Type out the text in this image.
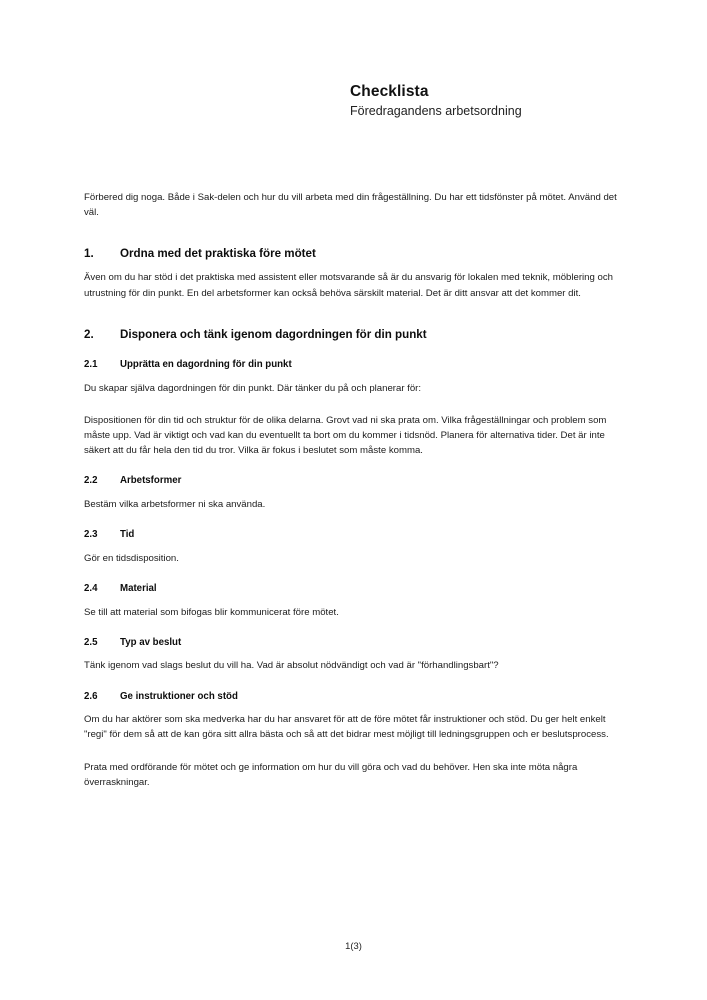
Checklista
Föredragandens arbetsordning

Förbered dig noga. Både i Sak-delen och hur du vill arbeta med din frågeställning. Du har ett tidsfönster på mötet. Använd det väl.

1.	Ordna med det praktiska före mötet

Även om du har stöd i det praktiska med assistent eller motsvarande så är du ansvarig för lokalen med teknik, möblering och utrustning för din punkt. En del arbetsformer kan också behöva särskilt material. Det är ditt ansvar att det kommer dit.

2.	Disponera och tänk igenom dagordningen för din punkt
2.1	Upprätta en dagordning för din punkt

Du skapar själva dagordningen för din punkt. Där tänker du på och planerar för:

Dispositionen för din tid och struktur för de olika delarna. Grovt vad ni ska prata om. Vilka frågeställningar och problem som måste upp. Vad är viktigt och vad kan du eventuellt ta bort om du kommer i tidsnöd. Planera för alternativa tider. Det är inte säkert att du får hela den tid du tror. Vilka är fokus i beslutet som måste komma.

2.2	Arbetsformer

Bestäm vilka arbetsformer ni ska använda.

2.3	Tid

Gör en tidsdisposition.

2.4	Material

Se till att material som bifogas blir kommunicerat före mötet.

2.5	Typ av beslut

Tänk igenom vad slags beslut du vill ha. Vad är absolut nödvändigt och vad är "förhandlingsbart"?

2.6	Ge instruktioner och stöd

Om du har aktörer som ska medverka har du har ansvaret för att de före mötet får instruktioner och stöd. Du ger helt enkelt "regi" för dem så att de kan göra sitt allra bästa och så att det bidrar mest möjligt till ledningsgruppen och er beslutsprocess.

Prata med ordförande för mötet och ge information om hur du vill göra och vad du behöver. Hen ska inte möta några överraskningar.

1(3)
